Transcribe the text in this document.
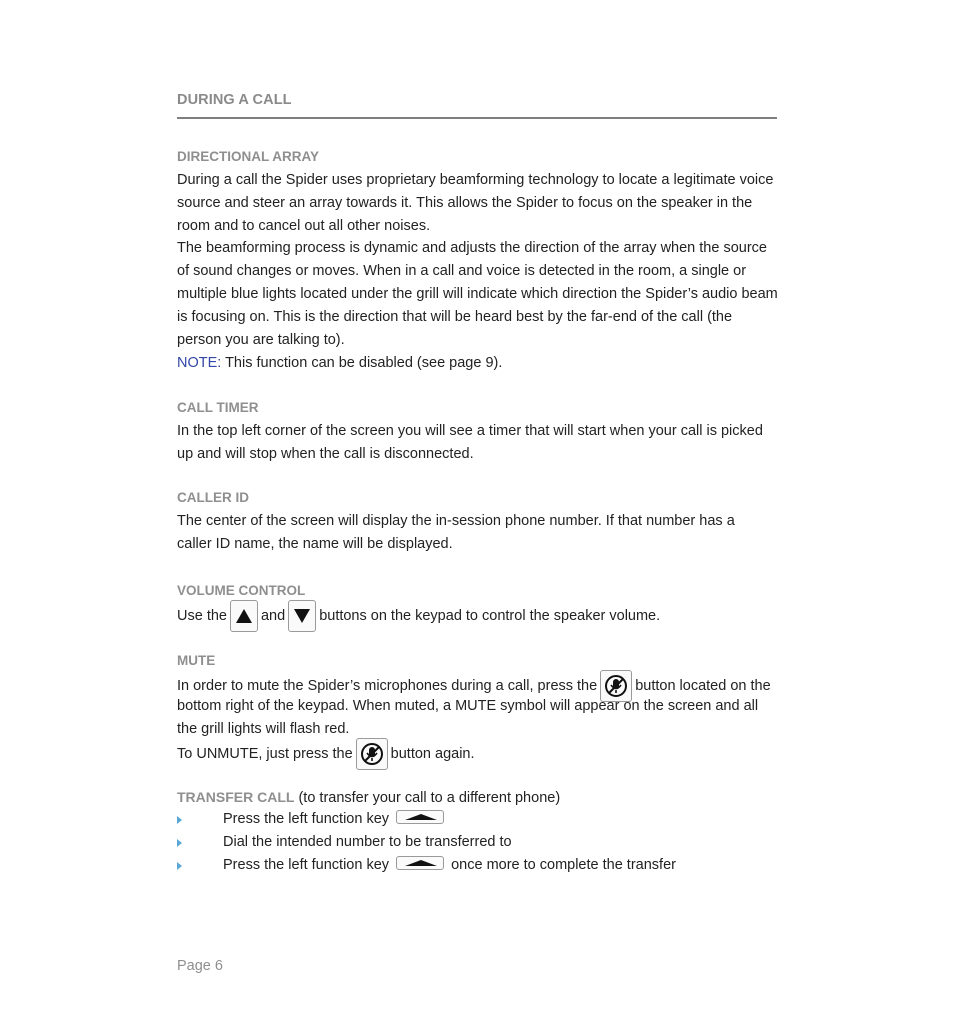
DURING A CALL
DIRECTIONAL ARRAY

During a call the Spider uses proprietary beamforming technology to locate a legitimate voice source and steer an array towards it. This allows the Spider to focus on the speaker in the room and to cancel out all other noises.

The beamforming process is dynamic and adjusts the direction of the array when the source of sound changes or moves. When in a call and voice is detected in the room, a single or multiple blue lights located under the grill will indicate which direction the Spider’s audio beam is focusing on. This is the direction that will be heard best by the far-end of the call (the person you are talking to).

NOTE: This function can be disabled (see page 9).

CALL TIMER

In the top left corner of the screen you will see a timer that will start when your call is picked up and will stop when the call is disconnected.

CALLER ID

The center of the screen will display the in-session phone number. If that number has a

caller ID name, the name will be displayed.

VOLUME CONTROL

Use the and buttons on the keypad to control the speaker volume.

MUTE

In order to mute the Spider’s microphones during a call, press the	button located on the

bottom right of the keypad. When muted, a MUTE symbol will appear on the screen and all the grill lights will flash red.

To UNMUTE, just press the	button again.

TRANSFER CALL (to transfer your call to a different phone)

Press the left function key
Dial the intended number to be transferred to
Press the left function key	once more to complete the transfer
Page 6
